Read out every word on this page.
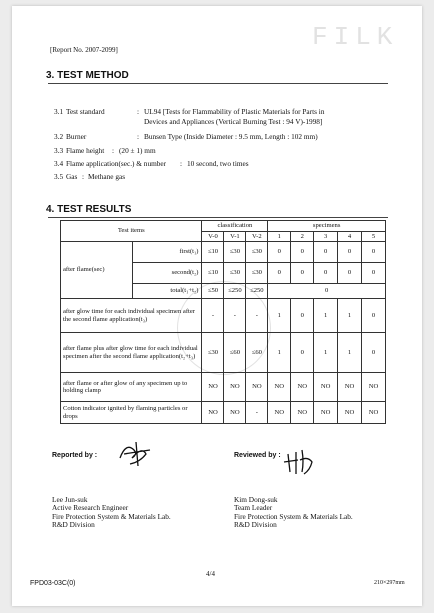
FILK
[Report No. 2007-2099]
3. TEST METHOD
3.1 Test standard	: UL94 [Tests for Flammability of Plastic Materials for Parts in
Devices and Appliances (Vertical Burning Test : 94 V)-1998]
3.2 Burner	: Bunsen Type (Inside Diameter : 9.5 mm, Length : 102 mm)
3.3 Flame height : (20 ± 1) mm
3.4 Flame application(sec.) & number : 10 second, two times
3.5 Gas : Methane gas
4. TEST RESULTS
Test items		classification			specimens				
		V-0	V-1	V-2	1	2	3	4	5
after flame(sec)	first(t₁)	≤10	≤30	≤30	0	0	0	0	0
	second(t₂)	≤10	≤30	≤30	0	0	0	0	0
	total(t₁+t₂)	≤50	≤250	≤250	0				
after glow time for each individual specimen after the second flame application(t₃)		-	-	-	1	0	1	1	0
after flame plus after glow time for each individual specimen after the second flame application(t₂+t₃)		≤30	≤60	≤60	1	0	1	1	0
after flame or after glow of any specimen up to holding clamp		NO	NO	NO	NO	NO	NO	NO	NO
Cotton indicator ignited by flaming particles or drops		NO	NO	-	NO	NO	NO	NO	NO
Reported by :	Reviewed by :
Lee Jun-suk
Active Research Engineer
Fire Protection System & Materials Lab.
R&D Division
Kim Dong-suk
Team Leader
Fire Protection System & Materials Lab.
R&D Division
4/4
FPD03-03C(0)	210×297mm
